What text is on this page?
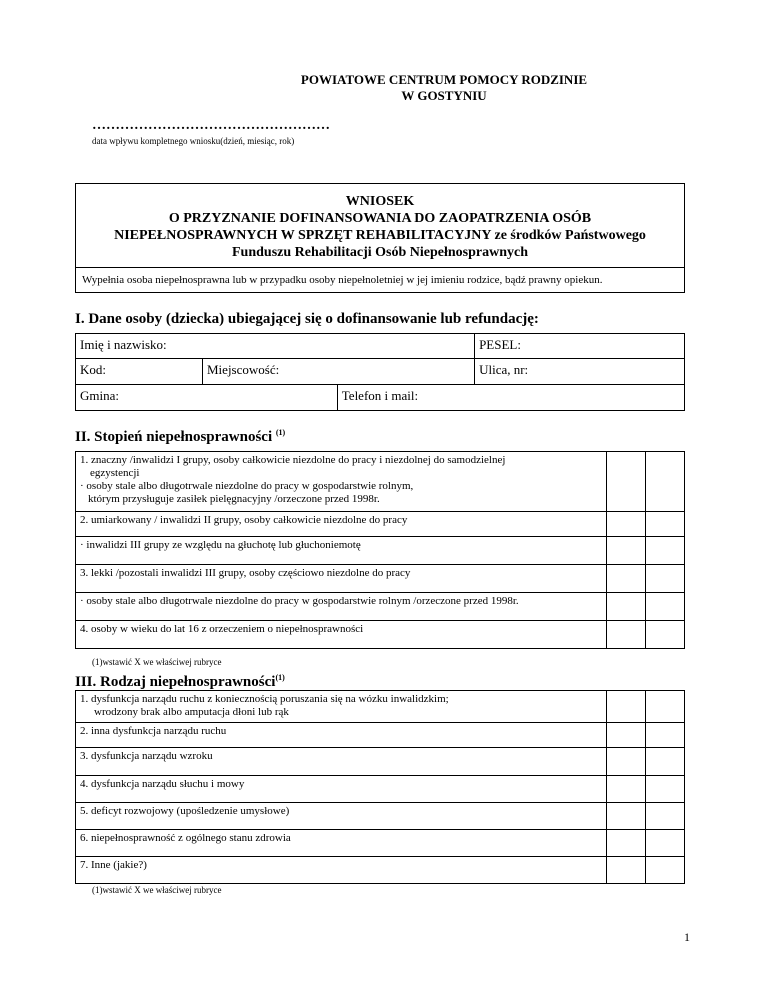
POWIATOWE CENTRUM POMOCY RODZINIE
W GOSTYNIU
……………………………………………
data wpływu kompletnego wniosku(dzień, miesiąc, rok)
WNIOSEK
O PRZYZNANIE DOFINANSOWANIA DO ZAOPATRZENIA OSÓB
NIEPEŁNOSPRAWNYCH W SPRZĘT REHABILITACYJNY ze środków Państwowego
Funduszu Rehabilitacji Osób Niepełnosprawnych
Wypełnia osoba niepełnosprawna lub w przypadku osoby niepełnoletniej w jej imieniu rodzice, bądź prawny opiekun.
I. Dane osoby (dziecka) ubiegającej się o dofinansowanie lub refundację:
Imię i nazwisko:			PESEL:
Kod:	Miejscowość:		Ulica, nr:
Gmina:		Telefon i mail:	
II. Stopień niepełnosprawności $^{(1)}$
1. znaczny /inwalidzi I grupy, osoby całkowicie niezdolne do pracy i niezdolnej do samodzielnej
egzystencji
· osoby stale albo długotrwale niezdolne do pracy w gospodarstwie rolnym,
którym przysługuje zasiłek pielęgnacyjny /orzeczone przed 1998r.		

2. umiarkowany / inwalidzi II grupy, osoby całkowicie niezdolne do pracy		
· inwalidzi III grupy ze względu na głuchotę lub głuchoniemotę		
3. lekki /pozostali inwalidzi III grupy, osoby częściowo niezdolne do pracy		
· osoby stale albo długotrwale niezdolne do pracy w gospodarstwie rolnym /orzeczone przed 1998r.		
4. osoby w wieku do lat 16 z orzeczeniem o niepełnosprawności		
(1)wstawić X we właściwej rubryce
III. Rodzaj niepełnosprawności$^{(1)}$
1. dysfunkcja narządu ruchu z koniecznością poruszania się na wózku inwalidzkim;
wrodzony brak albo amputacja dłoni lub rąk		

2. inna dysfunkcja narządu ruchu		
3. dysfunkcja narządu wzroku		
4. dysfunkcja narządu słuchu i mowy		
5. deficyt rozwojowy (upośledzenie umysłowe)		
6. niepełnosprawność z ogólnego stanu zdrowia		
7. Inne (jakie?)		
(1)wstawić X we właściwej rubryce
1
